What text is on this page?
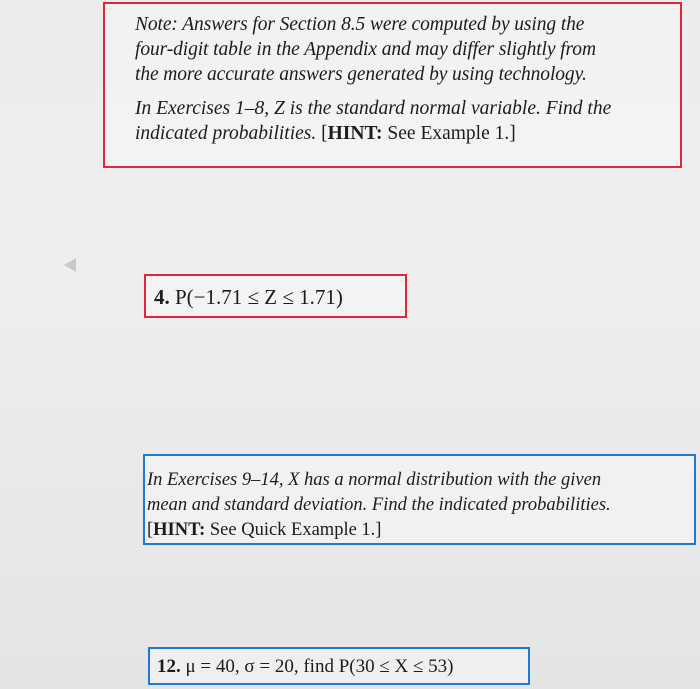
Note: Answers for Section 8.5 were computed by using the

four-digit table in the Appendix and may differ slightly from

the more accurate answers generated by using technology.

In Exercises 1–8, Z is the standard normal variable. Find the

indicated probabilities. [HINT: See Example 1.]

4. P(−1.71 ≤ Z ≤ 1.71)

In Exercises 9–14, X has a normal distribution with the given

mean and standard deviation. Find the indicated probabilities.

[HINT: See Quick Example 1.]

12. μ = 40, σ = 20, find P(30 ≤ X ≤ 53)
